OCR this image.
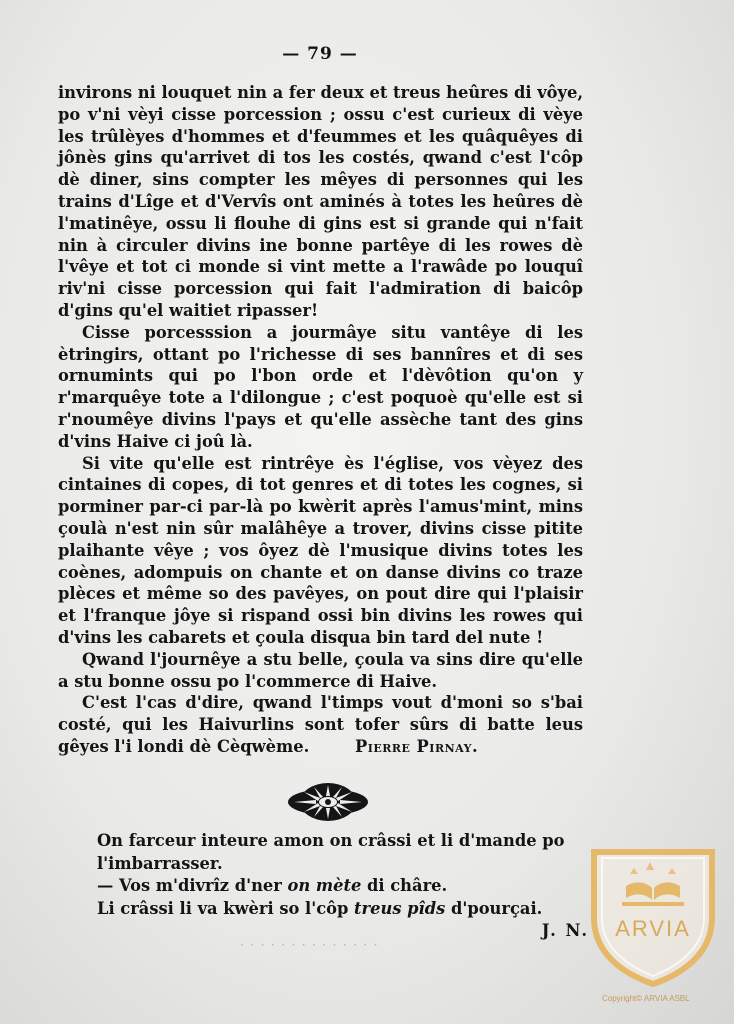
— 79 —

invirons ni louquet nin a fer deux et treus heûres di vôye, po v'ni vèyi cisse porcession ; ossu c'est curieux di vèye les trûlèyes d'hommes et d'feummes et les quâquêyes di jônès gins qu'arrivet di tos les costés, qwand c'est l'côp dè diner, sins compter les mêyes di personnes qui les trains d'Lîge et d'Vervîs ont aminés à totes les heûres dè l'matinêye, ossu li flouhe di gins est si grande qui n'fait nin à circuler divins ine bonne partêye di les rowes dè l'vêye et tot ci monde si vint mette a l'rawâde po louquî riv'ni cisse porcession qui fait l'admiration di baicôp d'gins qu'el waitiet ripasser!

Cisse porcesssion a jourmâye situ vantêye di les ètringirs, ottant po l'richesse di ses bannîres et di ses ornumints qui po l'bon orde et l'dèvôtion qu'on y r'marquêye tote a l'dilongue ; c'est poquoè qu'elle est si r'noumêye divins l'pays et qu'elle assèche tant des gins d'vins Haive ci joû là.

Si vite qu'elle est rintrêye ès l'église, vos vèyez des cintaines di copes, di tot genres et di totes les cognes, si porminer par-ci par-là po kwèrit après l'amus'mint, mins çoulà n'est nin sûr malâhêye a trover, divins cisse pitite plaihante vêye ; vos ôyez dè l'musique divins totes les coènes, adompuis on chante et on danse divins co traze plèces et même so des pavêyes, on pout dire qui l'plaisir et l'franque jôye si rispand ossi bin divins les rowes qui d'vins les cabarets et çoula disqua bin tard del nute !

Qwand l'journêye a stu belle, çoula va sins dire qu'elle a stu bonne ossu po l'commerce di Haive.

C'est l'cas d'dire, qwand l'timps vout d'moni so s'bai costé, qui les Haivurlins sont tofer sûrs di batte leus gêyes l'i londi dè Cèqwème.	Pierre Pirnay.

On farceur inteure amon on crâssi et li d'mande po l'imbarrasser.

— Vos m'divrîz d'ner on mète di châre.

Li crâssi li va kwèri so l'côp treus pîds d'pourçai.

J. N.

· · · · · · · · · · · · · ·
ARVIA
Copyright© ARVIA ASBL
